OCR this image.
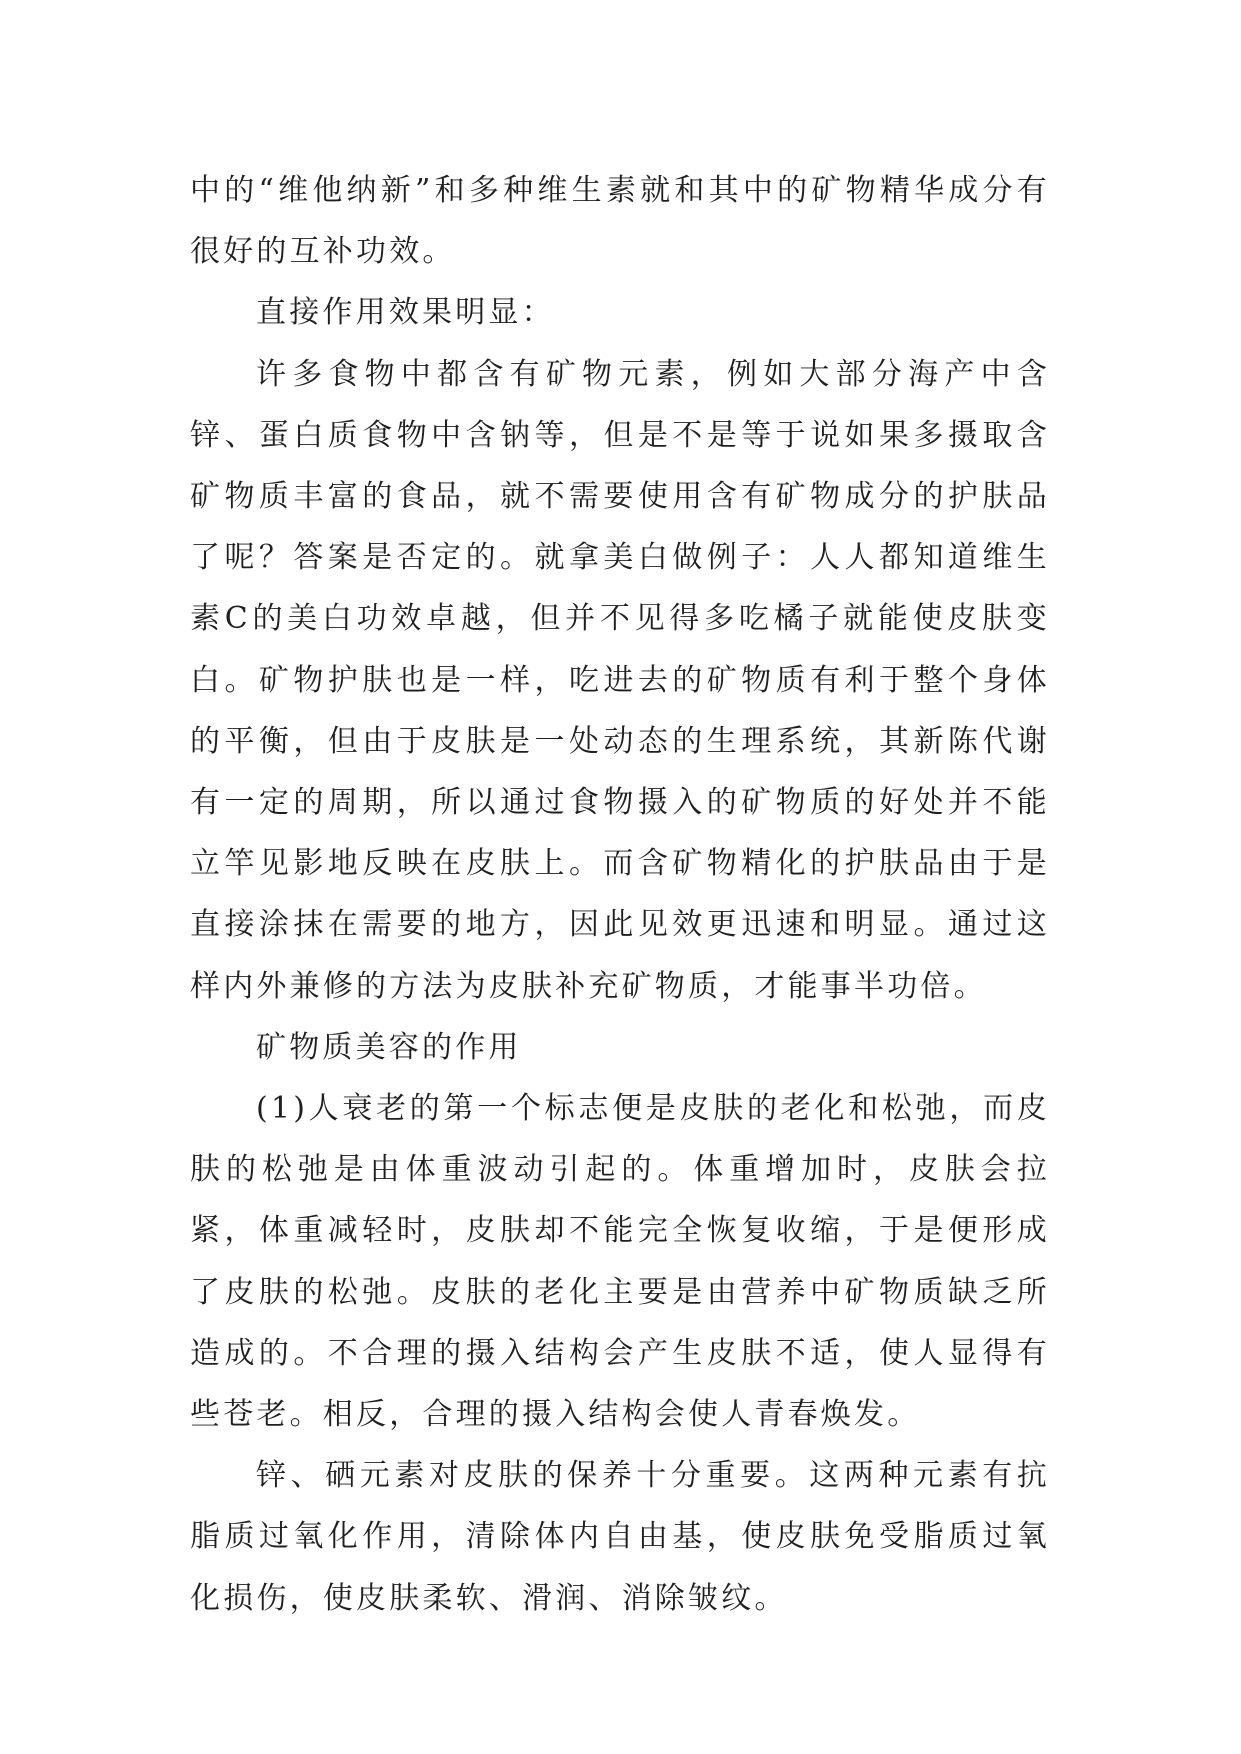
中的“维他纳新”和多种维生素就和其中的矿物精华成分有很好的互补功效。

直接作用效果明显：

许多食物中都含有矿物元素，例如大部分海产中含锌、蛋白质食物中含钠等，但是不是等于说如果多摄取含矿物质丰富的食品，就不需要使用含有矿物成分的护肤品了呢？答案是否定的。就拿美白做例子：人人都知道维生素C的美白功效卓越，但并不见得多吃橘子就能使皮肤变白。矿物护肤也是一样，吃进去的矿物质有利于整个身体的平衡，但由于皮肤是一处动态的生理系统，其新陈代谢有一定的周期，所以通过食物摄入的矿物质的好处并不能立竿见影地反映在皮肤上。而含矿物精化的护肤品由于是直接涂抹在需要的地方，因此见效更迅速和明显。通过这样内外兼修的方法为皮肤补充矿物质，才能事半功倍。

矿物质美容的作用

(1)人衰老的第一个标志便是皮肤的老化和松弛，而皮肤的松弛是由体重波动引起的。体重增加时，皮肤会拉紧，体重减轻时，皮肤却不能完全恢复收缩，于是便形成了皮肤的松弛。皮肤的老化主要是由营养中矿物质缺乏所造成的。不合理的摄入结构会产生皮肤不适，使人显得有些苍老。相反，合理的摄入结构会使人青春焕发。

锌、硒元素对皮肤的保养十分重要。这两种元素有抗脂质过氧化作用，清除体内自由基，使皮肤免受脂质过氧化损伤，使皮肤柔软、滑润、消除皱纹。
